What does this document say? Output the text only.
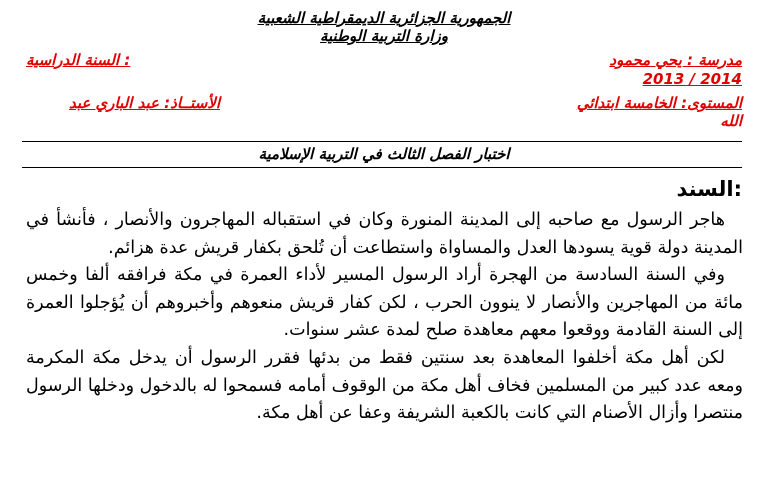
الجمهورية الجزائرية الديمقراطية الشعبية
وزارة التربية الوطنية
مدرسة : يحي محمود
السنة الدراسية :
2013 / 2014
المستوى: الخامسة ابتدائي
الأستــاذ: عبد الباري عبد
الله
اختبار الفصل الثالث في التربية الإسلامية
السند:

هاجر الرسول مع صاحبه إلى المدينة المنورة وكان في استقباله المهاجرون والأنصار ، فأنشأ في المدينة دولة قوية يسودها العدل والمساواة واستطاعت أن تُلحق بكفار قريش عدة هزائم.

وفي السنة السادسة من الهجرة أراد الرسول المسير لأداء العمرة في مكة فرافقه ألفا وخمس مائة من المهاجرين والأنصار لا ينوون الحرب ، لكن كفار قريش منعوهم وأخبروهم أن يُؤجلوا العمرة إلى السنة القادمة ووقعوا معهم معاهدة صلح لمدة عشر سنوات.

لكن أهل مكة أخلفوا المعاهدة بعد سنتين فقط من بدئها فقرر الرسول أن يدخل مكة المكرمة ومعه عدد كبير من المسلمين فخاف أهل مكة من الوقوف أمامه فسمحوا له بالدخول ودخلها الرسول منتصرا وأزال الأصنام التي كانت بالكعبة الشريفة وعفا عن أهل مكة.
